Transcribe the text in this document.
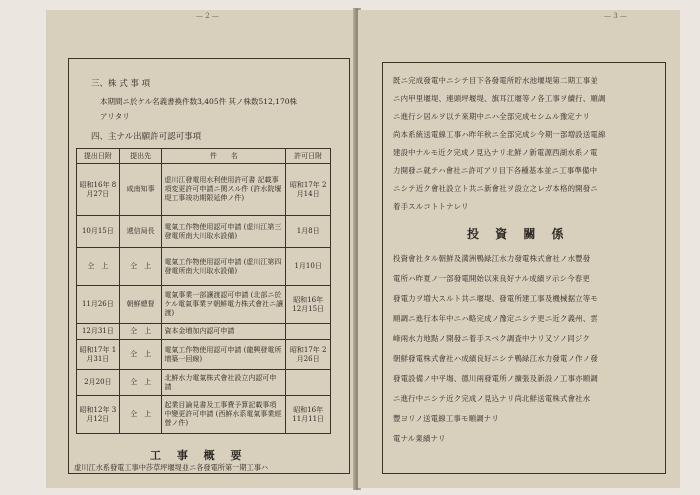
— 2 —
三、株 式 事 項
本期間ニ於ケル名義書換件数3,405件 其ノ株数512,170株
アリタリ
四、主ナル出願許可認可事項
提出日附	提出先	件　　名	許可日附
昭和16年 8月27日	咸南知事	虚川江發電用水利使用許可書 記載事項変更許可申請ニ関スル件 (許水院堰堤工事竣功期限延伸ノ件)	昭和17年 2月14日
10月15日	遞信局長	電氣工作物使用認可申請 (虚川江第三發電所南大川取水設備)	1月8日
仝　上	仝　上	電氣工作物使用認可申請 (虚川江第四發電所南大川取水設備)	1月10日
11月26日	朝鮮總督	電氣事業一部讓渡認可申請 (北部ニ於ケル電氣事業ヲ朝鮮電力株式會社ニ讓渡)	昭和16年 12月15日
12月31日	仝　上	資本金増加内認可申請	
昭和17年 1月31日	仝　上	電氣工作物使用認可申請 (龍興發電所增築一回線)	昭和17年 2月26日
2月20日	仝　上	北鮮水力電氣株式會社設立内認可申請	
昭和12年 3月12日	仝　上	起業目論見書及工事費予算記載事項中變更許可申請 (西鮮水系電氣事業經營ノ件)	昭和16年 11月11日
工 事 概 要
虚川江水系發電工事中莎草坪堰堤並ニ各發電所第一期工事ハ
— 3 —
既ニ完成發電中ニシテ目下各發電所貯水池堰堤第二期工事並
ニ内甲里堰堤、連頭坪堰堤、旗耳江堰等ノ各工事ヲ續行、順調
ニ進行シ居ルヲ以テ來期中ニハ全部完成セシムル豫定ナリ
尚本系統送電線工事ハ昨年秋ニ全部完成シ今期一部増設送電線
建設中ナルモ近ク完成ノ見込ナリ北鮮ノ新電源西湖水系ノ電
力開發ニ就テハ會社ニ許可アリ目下各種基本並ニ工事準備中
ニシテ近ク會社設立ト共ニ新會社ヲ設立之レガ本格的開發ニ
着手スルコトトナレリ
投 資 關 係
投資會社タル朝鮮及満洲鴨緑江水力發電株式會社ノ水豐發
電所ハ昨夏ノ一部發電開始以來良好ナル成績ヲ示シ今春更
發電力ヲ増大スルト共ニ堰堤、發電所建工事及機械据立等モ
順調ニ進行本年中ニハ略完成ノ豫定ニシテ更ニ近ク義州、雲
峰兩水力地點ノ開發ニ着手スベク調査中ナリ又ソノ同ジク
朝鮮發電株式會社ハ成績良好ニシテ鴨緑江水力發電ノ作ノ發
發電設備ノ中平塲、德川兩發電所ノ擴張及新設ノ工事亦順調
ニ進行中ニシテ近ク完成ノ見込ナリ尚北鮮送電株式會社水
豐ヨリノ送電線工事モ順調ナリ
電ナル業績ナリ
